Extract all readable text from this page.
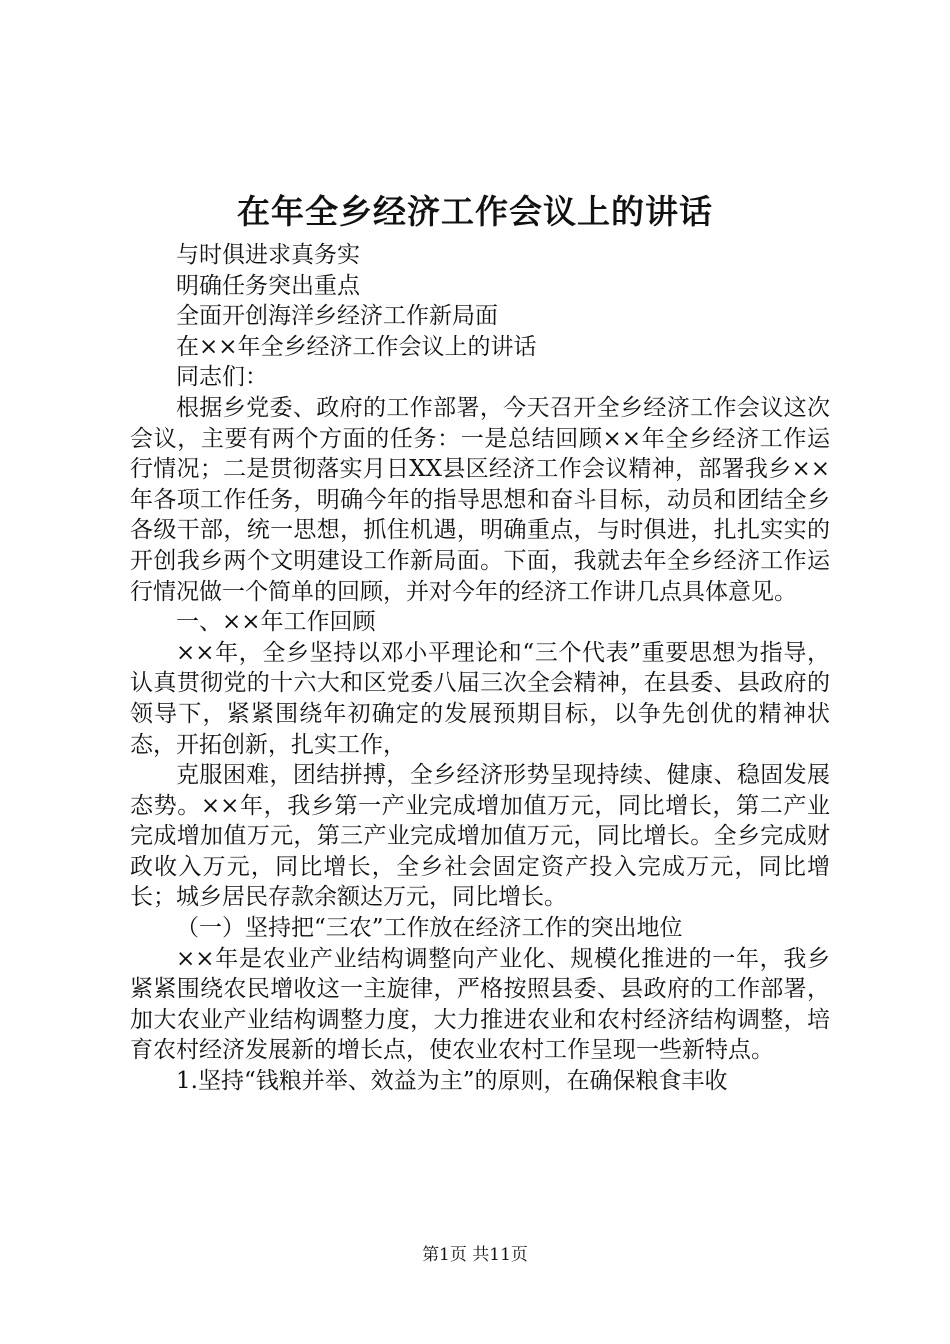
在年全乡经济工作会议上的讲话

与时俱进求真务实

明确任务突出重点

全面开创海洋乡经济工作新局面

在××年全乡经济工作会议上的讲话

同志们：

根据乡党委、政府的工作部署，今天召开全乡经济工作会议这次会议，主要有两个方面的任务：一是总结回顾××年全乡经济工作运行情况；二是贯彻落实月日XX县区经济工作会议精神，部署我乡××年各项工作任务，明确今年的指导思想和奋斗目标，动员和团结全乡各级干部，统一思想，抓住机遇，明确重点，与时俱进，扎扎实实的开创我乡两个文明建设工作新局面。下面，我就去年全乡经济工作运行情况做一个简单的回顾，并对今年的经济工作讲几点具体意见。

一、××年工作回顾

××年，全乡坚持以邓小平理论和“三个代表”重要思想为指导，认真贯彻党的十六大和区党委八届三次全会精神，在县委、县政府的领导下，紧紧围绕年初确定的发展预期目标，以争先创优的精神状态，开拓创新，扎实工作，

克服困难，团结拼搏，全乡经济形势呈现持续、健康、稳固发展态势。××年，我乡第一产业完成增加值万元，同比增长，第二产业完成增加值万元，第三产业完成增加值万元，同比增长。全乡完成财政收入万元，同比增长，全乡社会固定资产投入完成万元，同比增长；城乡居民存款余额达万元，同比增长。

（一）坚持把“三农”工作放在经济工作的突出地位

××年是农业产业结构调整向产业化、规模化推进的一年，我乡紧紧围绕农民增收这一主旋律，严格按照县委、县政府的工作部署，加大农业产业结构调整力度，大力推进农业和农村经济结构调整，培育农村经济发展新的增长点，使农业农村工作呈现一些新特点。

1.坚持“钱粮并举、效益为主”的原则，在确保粮食丰收

第1页 共11页
